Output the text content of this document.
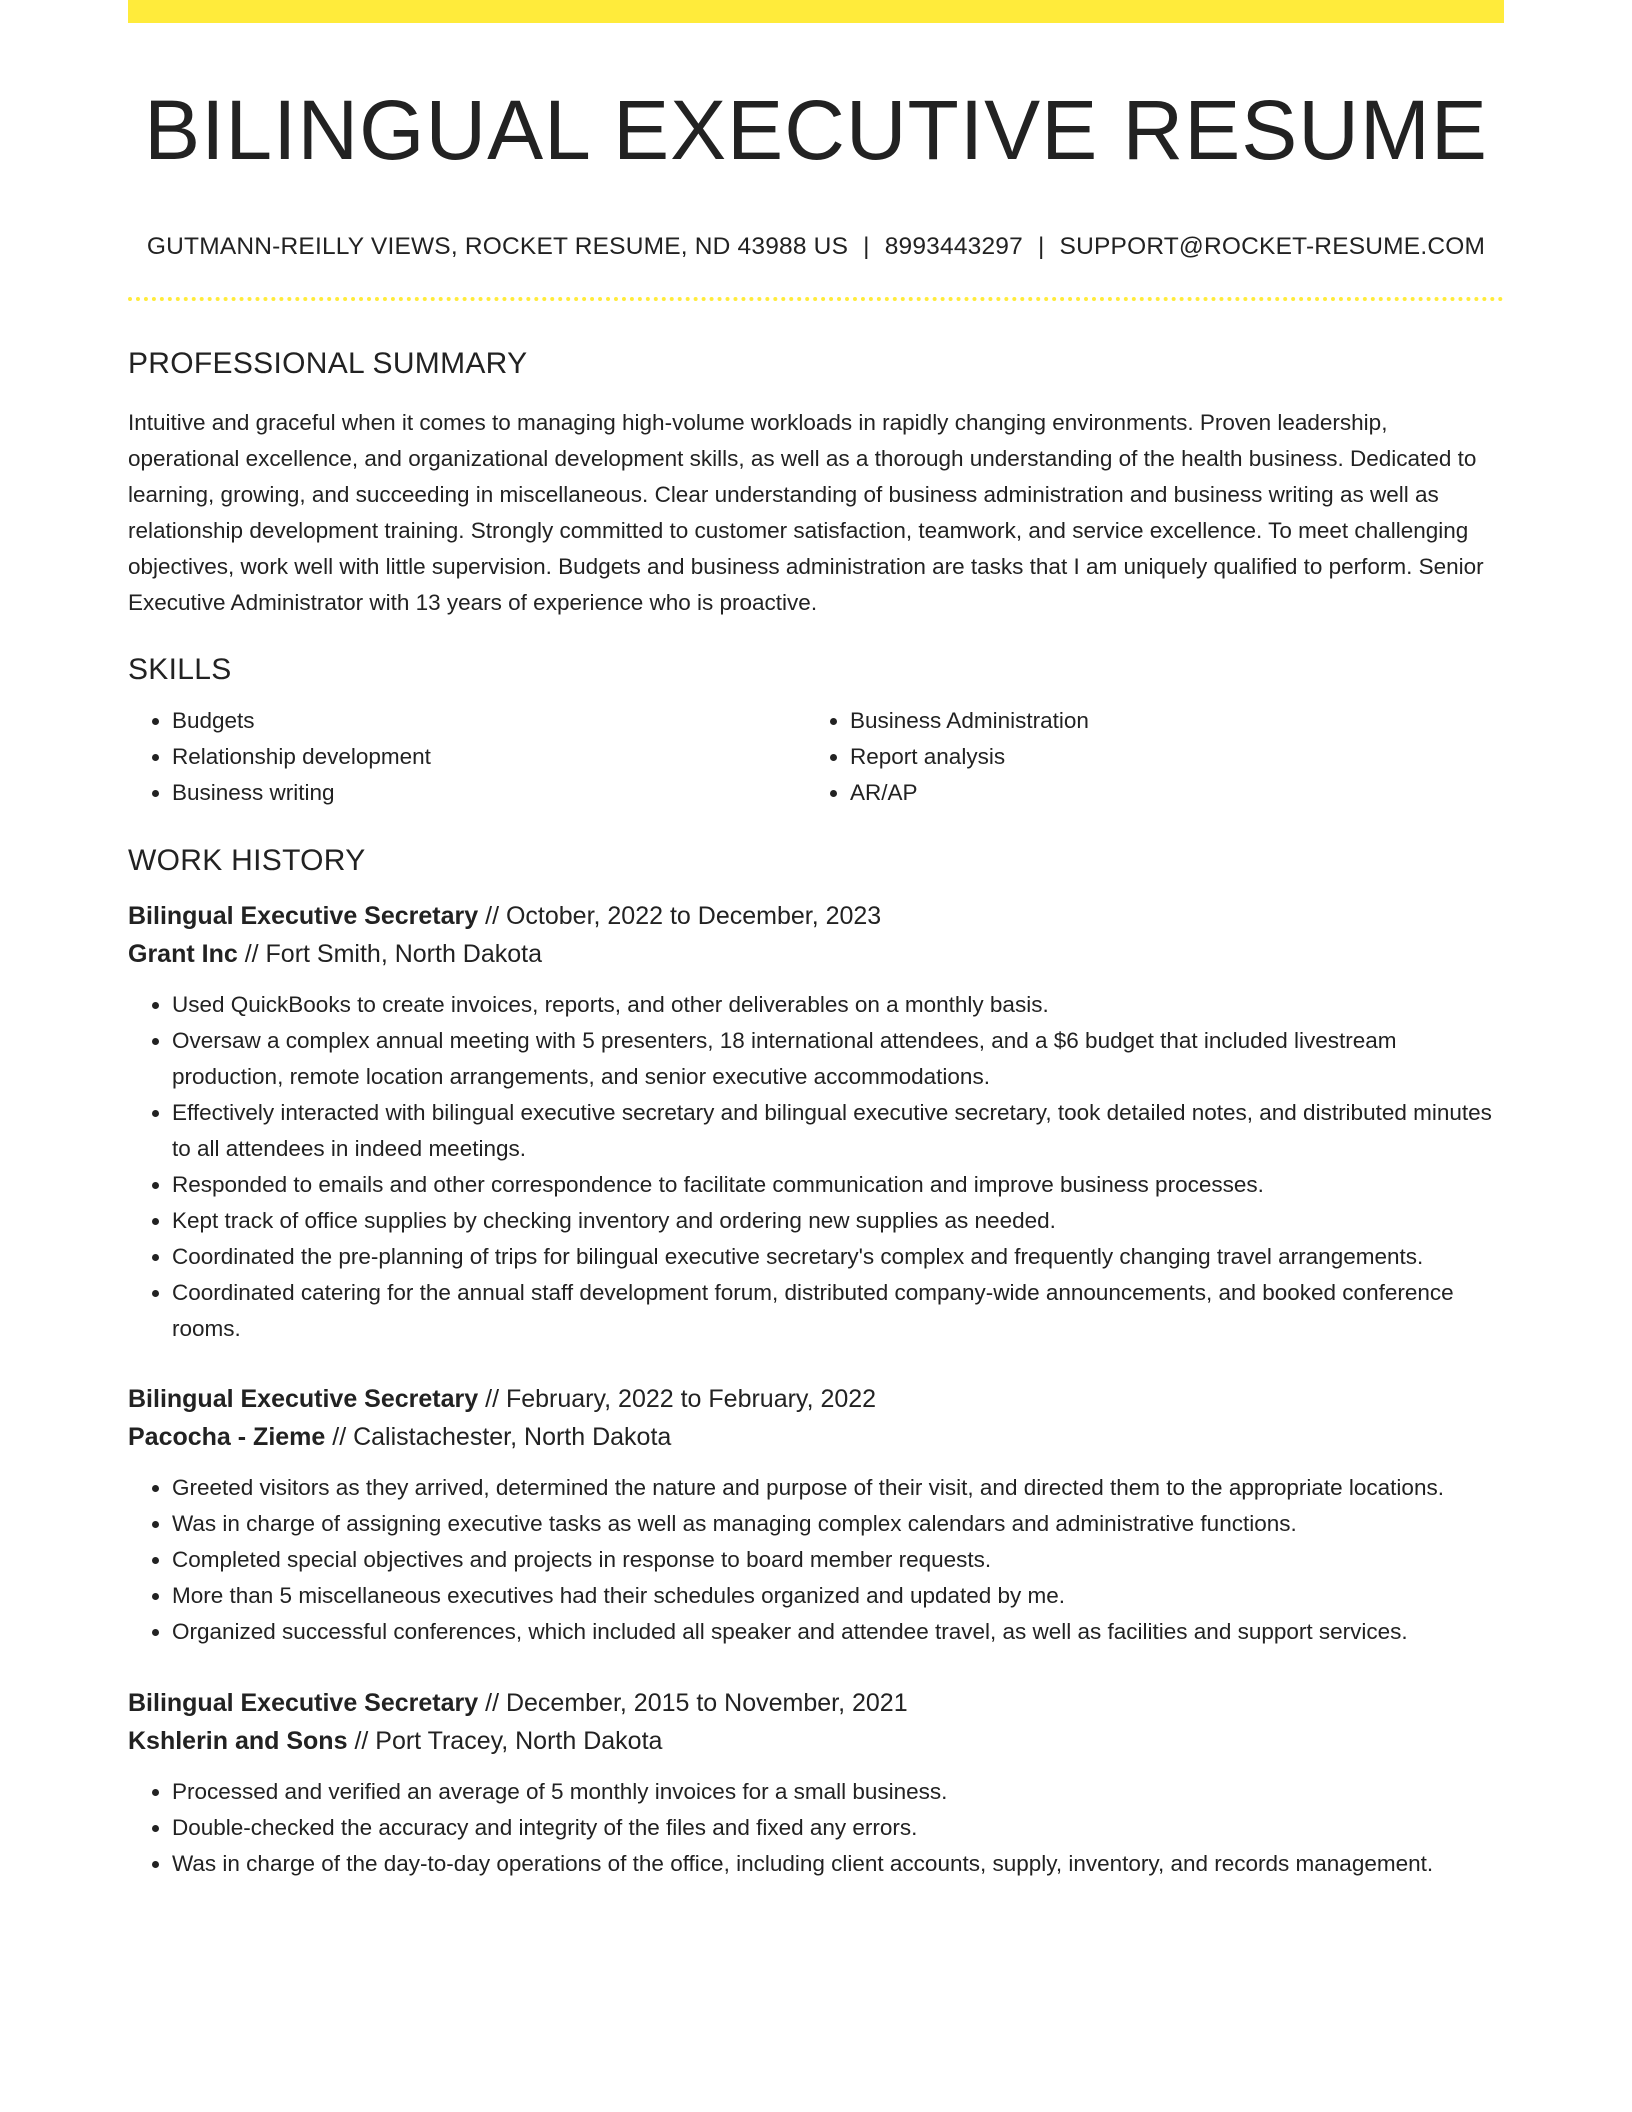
BILINGUAL EXECUTIVE RESUME
GUTMANN-REILLY VIEWS, ROCKET RESUME, ND 43988 US | 8993443297 | SUPPORT@ROCKET-RESUME.COM
PROFESSIONAL SUMMARY

Intuitive and graceful when it comes to managing high-volume workloads in rapidly changing environments. Proven leadership, operational excellence, and organizational development skills, as well as a thorough understanding of the health business. Dedicated to learning, growing, and succeeding in miscellaneous. Clear understanding of business administration and business writing as well as relationship development training. Strongly committed to customer satisfaction, teamwork, and service excellence. To meet challenging objectives, work well with little supervision. Budgets and business administration are tasks that I am uniquely qualified to perform. Senior Executive Administrator with 13 years of experience who is proactive.

SKILLS
• Budgets
• Relationship development
• Business writing
• Business Administration
• Report analysis
• AR/AP
WORK HISTORY
Bilingual Executive Secretary // October, 2022 to December, 2023
Grant Inc // Fort Smith, North Dakota
• Used QuickBooks to create invoices, reports, and other deliverables on a monthly basis.
• Oversaw a complex annual meeting with 5 presenters, 18 international attendees, and a $6 budget that included livestream production, remote location arrangements, and senior executive accommodations.
• Effectively interacted with bilingual executive secretary and bilingual executive secretary, took detailed notes, and distributed minutes to all attendees in indeed meetings.
• Responded to emails and other correspondence to facilitate communication and improve business processes.
• Kept track of office supplies by checking inventory and ordering new supplies as needed.
• Coordinated the pre-planning of trips for bilingual executive secretary's complex and frequently changing travel arrangements.
• Coordinated catering for the annual staff development forum, distributed company-wide announcements, and booked conference rooms.
Bilingual Executive Secretary // February, 2022 to February, 2022
Pacocha - Zieme // Calistachester, North Dakota
• Greeted visitors as they arrived, determined the nature and purpose of their visit, and directed them to the appropriate locations.
• Was in charge of assigning executive tasks as well as managing complex calendars and administrative functions.
• Completed special objectives and projects in response to board member requests.
• More than 5 miscellaneous executives had their schedules organized and updated by me.
• Organized successful conferences, which included all speaker and attendee travel, as well as facilities and support services.
Bilingual Executive Secretary // December, 2015 to November, 2021
Kshlerin and Sons // Port Tracey, North Dakota
• Processed and verified an average of 5 monthly invoices for a small business.
• Double-checked the accuracy and integrity of the files and fixed any errors.
• Was in charge of the day-to-day operations of the office, including client accounts, supply, inventory, and records management.
